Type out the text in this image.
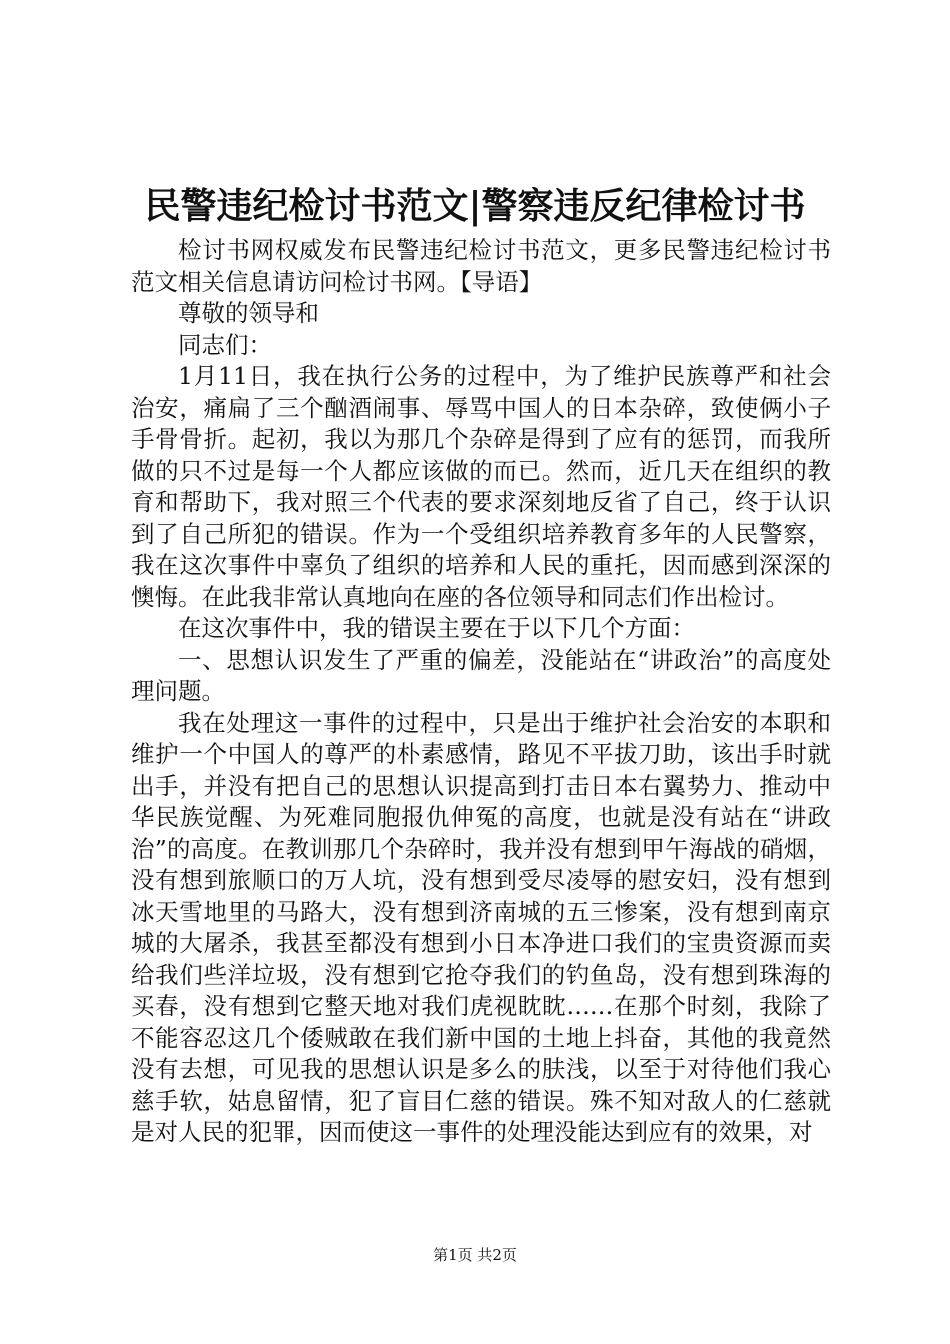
民警违纪检讨书范文|警察违反纪律检讨书

检讨书网权威发布民警违纪检讨书范文，更多民警违纪检讨书范文相关信息请访问检讨书网。【导语】

尊敬的领导和

同志们：

1月11日，我在执行公务的过程中，为了维护民族尊严和社会治安，痛扁了三个酗酒闹事、辱骂中国人的日本杂碎，致使俩小子手骨骨折。起初，我以为那几个杂碎是得到了应有的惩罚，而我所做的只不过是每一个人都应该做的而已。然而，近几天在组织的教育和帮助下，我对照三个代表的要求深刻地反省了自己，终于认识到了自己所犯的错误。作为一个受组织培养教育多年的人民警察，我在这次事件中辜负了组织的培养和人民的重托，因而感到深深的懊悔。在此我非常认真地向在座的各位领导和同志们作出检讨。

在这次事件中，我的错误主要在于以下几个方面：

一、思想认识发生了严重的偏差，没能站在“讲政治”的高度处理问题。

我在处理这一事件的过程中，只是出于维护社会治安的本职和维护一个中国人的尊严的朴素感情，路见不平拔刀助，该出手时就出手，并没有把自己的思想认识提高到打击日本右翼势力、推动中华民族觉醒、为死难同胞报仇伸冤的高度，也就是没有站在“讲政治”的高度。在教训那几个杂碎时，我并没有想到甲午海战的硝烟，没有想到旅顺口的万人坑，没有想到受尽凌辱的慰安妇，没有想到冰天雪地里的马路大，没有想到济南城的五三惨案，没有想到南京城的大屠杀，我甚至都没有想到小日本净进口我们的宝贵资源而卖给我们些洋垃圾，没有想到它抢夺我们的钓鱼岛，没有想到珠海的买春，没有想到它整天地对我们虎视眈眈……在那个时刻，我除了不能容忍这几个倭贼敢在我们新中国的土地上抖奋，其他的我竟然没有去想，可见我的思想认识是多么的肤浅，以至于对待他们我心慈手软，姑息留情，犯了盲目仁慈的错误。殊不知对敌人的仁慈就是对人民的犯罪，因而使这一事件的处理没能达到应有的效果，对

第1页 共2页
